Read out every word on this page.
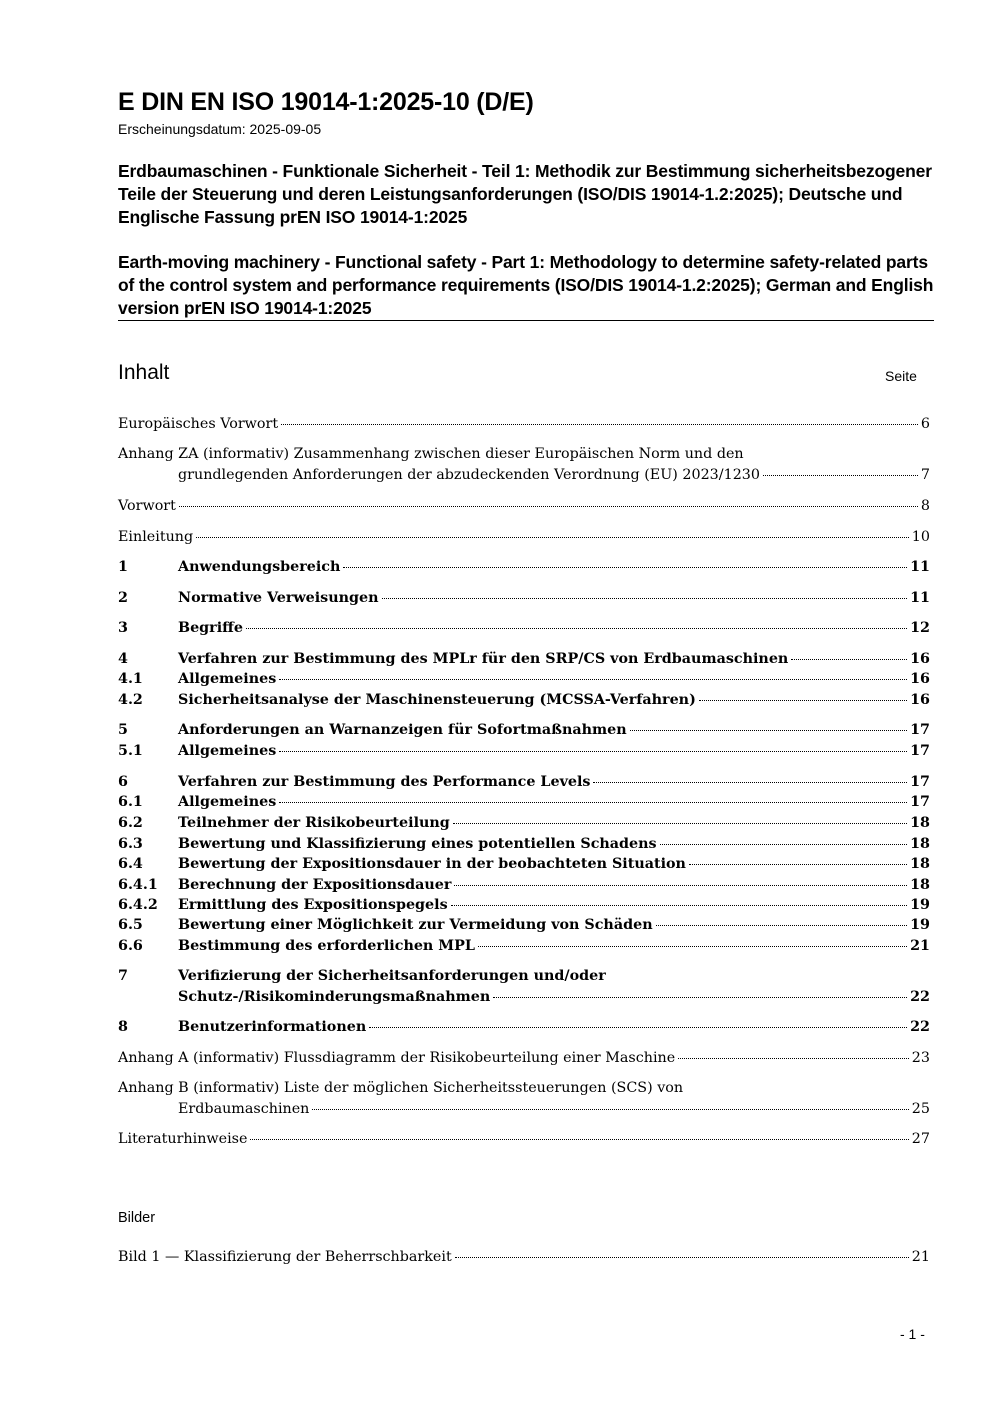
E DIN EN ISO 19014-1:2025-10 (D/E)
Erscheinungsdatum: 2025-09-05
Erdbaumaschinen - Funktionale Sicherheit - Teil 1: Methodik zur Bestimmung sicherheitsbezogener Teile der Steuerung und deren Leistungsanforderungen (ISO/DIS 19014-1.2:2025); Deutsche und Englische Fassung prEN ISO 19014-1:2025
Earth-moving machinery - Functional safety - Part 1: Methodology to determine safety-related parts of the control system and performance requirements (ISO/DIS 19014-1.2:2025); German and English version prEN ISO 19014-1:2025
Inhalt	Seite
Europäisches Vorwort	6
Anhang ZA (informativ) Zusammenhang zwischen dieser Europäischen Norm und den
grundlegenden Anforderungen der abzudeckenden Verordnung (EU) 2023/1230	7
Vorwort	8
Einleitung	10
1	Anwendungsbereich	11
2	Normative Verweisungen	11
3	Begriffe	12
4	Verfahren zur Bestimmung des MPLr für den SRP/CS von Erdbaumaschinen	16
4.1 Allgemeines	16
4.2 Sicherheitsanalyse der Maschinensteuerung (MCSSA-Verfahren)	16
5	Anforderungen an Warnanzeigen für Sofortmaßnahmen	17
5.1 Allgemeines	17
6	Verfahren zur Bestimmung des Performance Levels	17
6.1 Allgemeines	17
6.2 Teilnehmer der Risikobeurteilung	18
6.3 Bewertung und Klassifizierung eines potentiellen Schadens	18
6.4 Bewertung der Expositionsdauer in der beobachteten Situation	18
6.4.1 Berechnung der Expositionsdauer	18
6.4.2 Ermittlung des Expositionspegels	19
6.5 Bewertung einer Möglichkeit zur Vermeidung von Schäden	19
6.6 Bestimmung des erforderlichen MPL	21
7	Verifizierung der Sicherheitsanforderungen und/oder
Schutz-/Risikominderungsmaßnahmen	22
8	Benutzerinformationen	22
Anhang A (informativ) Flussdiagramm der Risikobeurteilung einer Maschine	23
Anhang B (informativ) Liste der möglichen Sicherheitssteuerungen (SCS) von
Erdbaumaschinen	25
Literaturhinweise	27
Bild 1 — Klassifizierung der Beherrschbarkeit	21
Bilder
- 1 -
